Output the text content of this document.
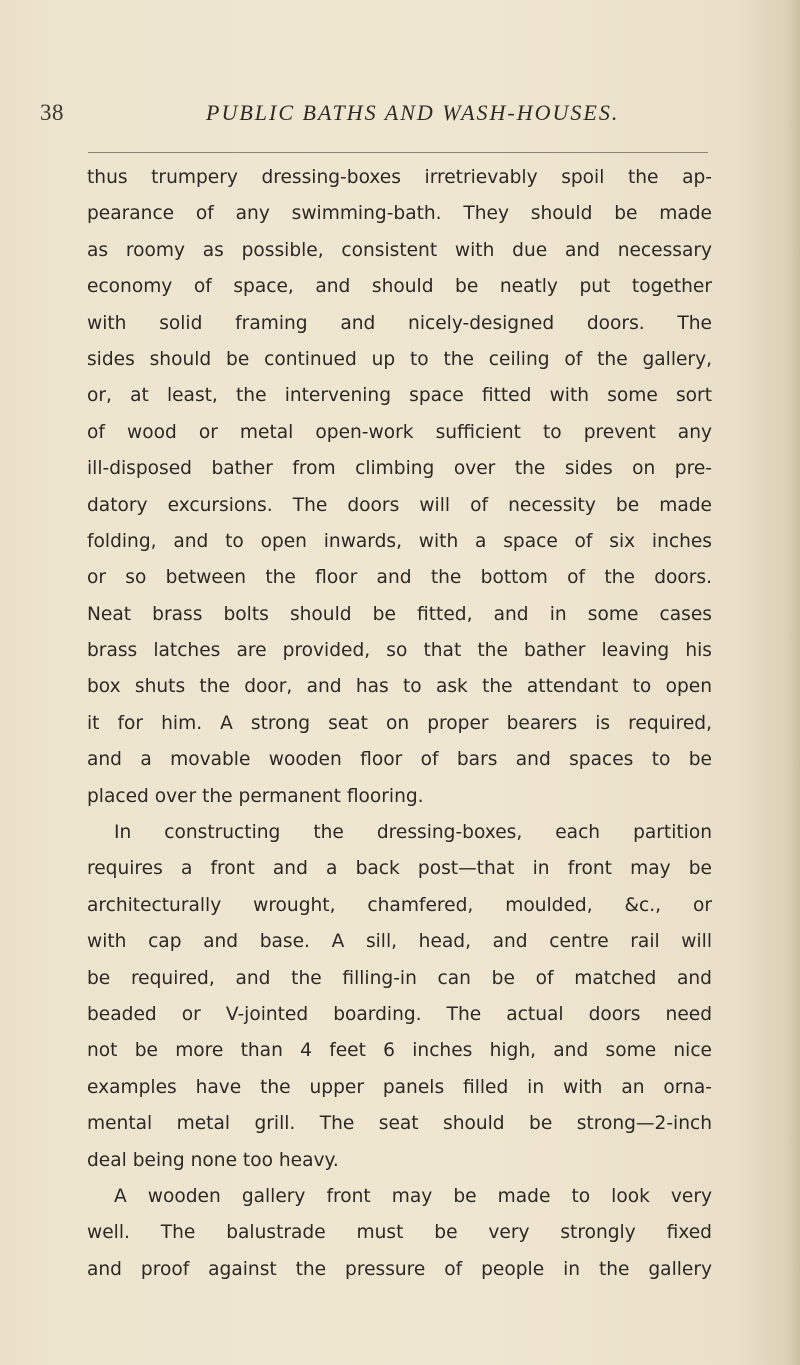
38	PUBLIC BATHS AND WASH-HOUSES.
thus trumpery dressing-boxes irretrievably spoil the ap-
pearance of any swimming-bath. They should be made
as roomy as possible, consistent with due and necessary
economy of space, and should be neatly put together
with solid framing and nicely-designed doors. The
sides should be continued up to the ceiling of the gallery,
or, at least, the intervening space fitted with some sort
of wood or metal open-work sufficient to prevent any
ill-disposed bather from climbing over the sides on pre-
datory excursions. The doors will of necessity be made
folding, and to open inwards, with a space of six inches
or so between the floor and the bottom of the doors.
Neat brass bolts should be fitted, and in some cases
brass latches are provided, so that the bather leaving his
box shuts the door, and has to ask the attendant to open
it for him. A strong seat on proper bearers is required,
and a movable wooden floor of bars and spaces to be
placed over the permanent flooring.
In constructing the dressing-boxes, each partition
requires a front and a back post—that in front may be
architecturally wrought, chamfered, moulded, &c., or
with cap and base. A sill, head, and centre rail will
be required, and the filling-in can be of matched and
beaded or V-jointed boarding. The actual doors need
not be more than 4 feet 6 inches high, and some nice
examples have the upper panels filled in with an orna-
mental metal grill. The seat should be strong—2-inch
deal being none too heavy.
A wooden gallery front may be made to look very
well. The balustrade must be very strongly fixed
and proof against the pressure of people in the gallery
